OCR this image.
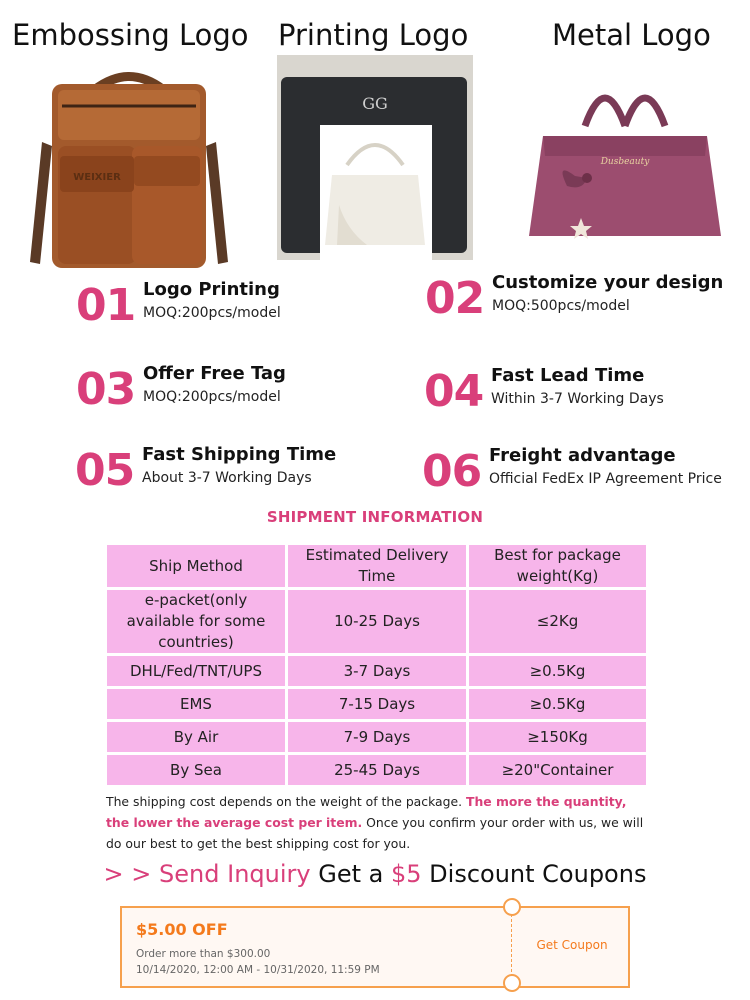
Embossing Logo Printing Logo	Metal Logo
WEIXIER
GG
Dusbeauty
01 Logo Printing
MOQ:200pcs/model	02 Customize your design
MOQ:500pcs/model
03 Offer Free Tag
MOQ:200pcs/model	04 Fast Lead Time
Within 3-7 Working Days
05 Fast Shipping Time
About 3-7 Working Days	06 Freight advantage
Official FedEx IP Agreement Price
SHIPMENT INFORMATION
Ship Method	Estimated Delivery Time	Best for package weight(Kg)
e-packet(only available for some countries)	10-25 Days	≤2Kg
DHL/Fed/TNT/UPS	3-7 Days	≥0.5Kg
EMS	7-15 Days	≥0.5Kg
By Air	7-9 Days	≥150Kg
By Sea	25-45 Days	≥20"Container
The shipping cost depends on the weight of the package. The more the quantity, the lower the average cost per item. Once you confirm your order with us, we will do our best to get the best shipping cost for you.
> > Send Inquiry Get a $5 Discount Coupons
$5.00 OFF
Order more than $300.00
10/14/2020, 12:00 AM - 10/31/2020, 11:59 PM
Get Coupon
